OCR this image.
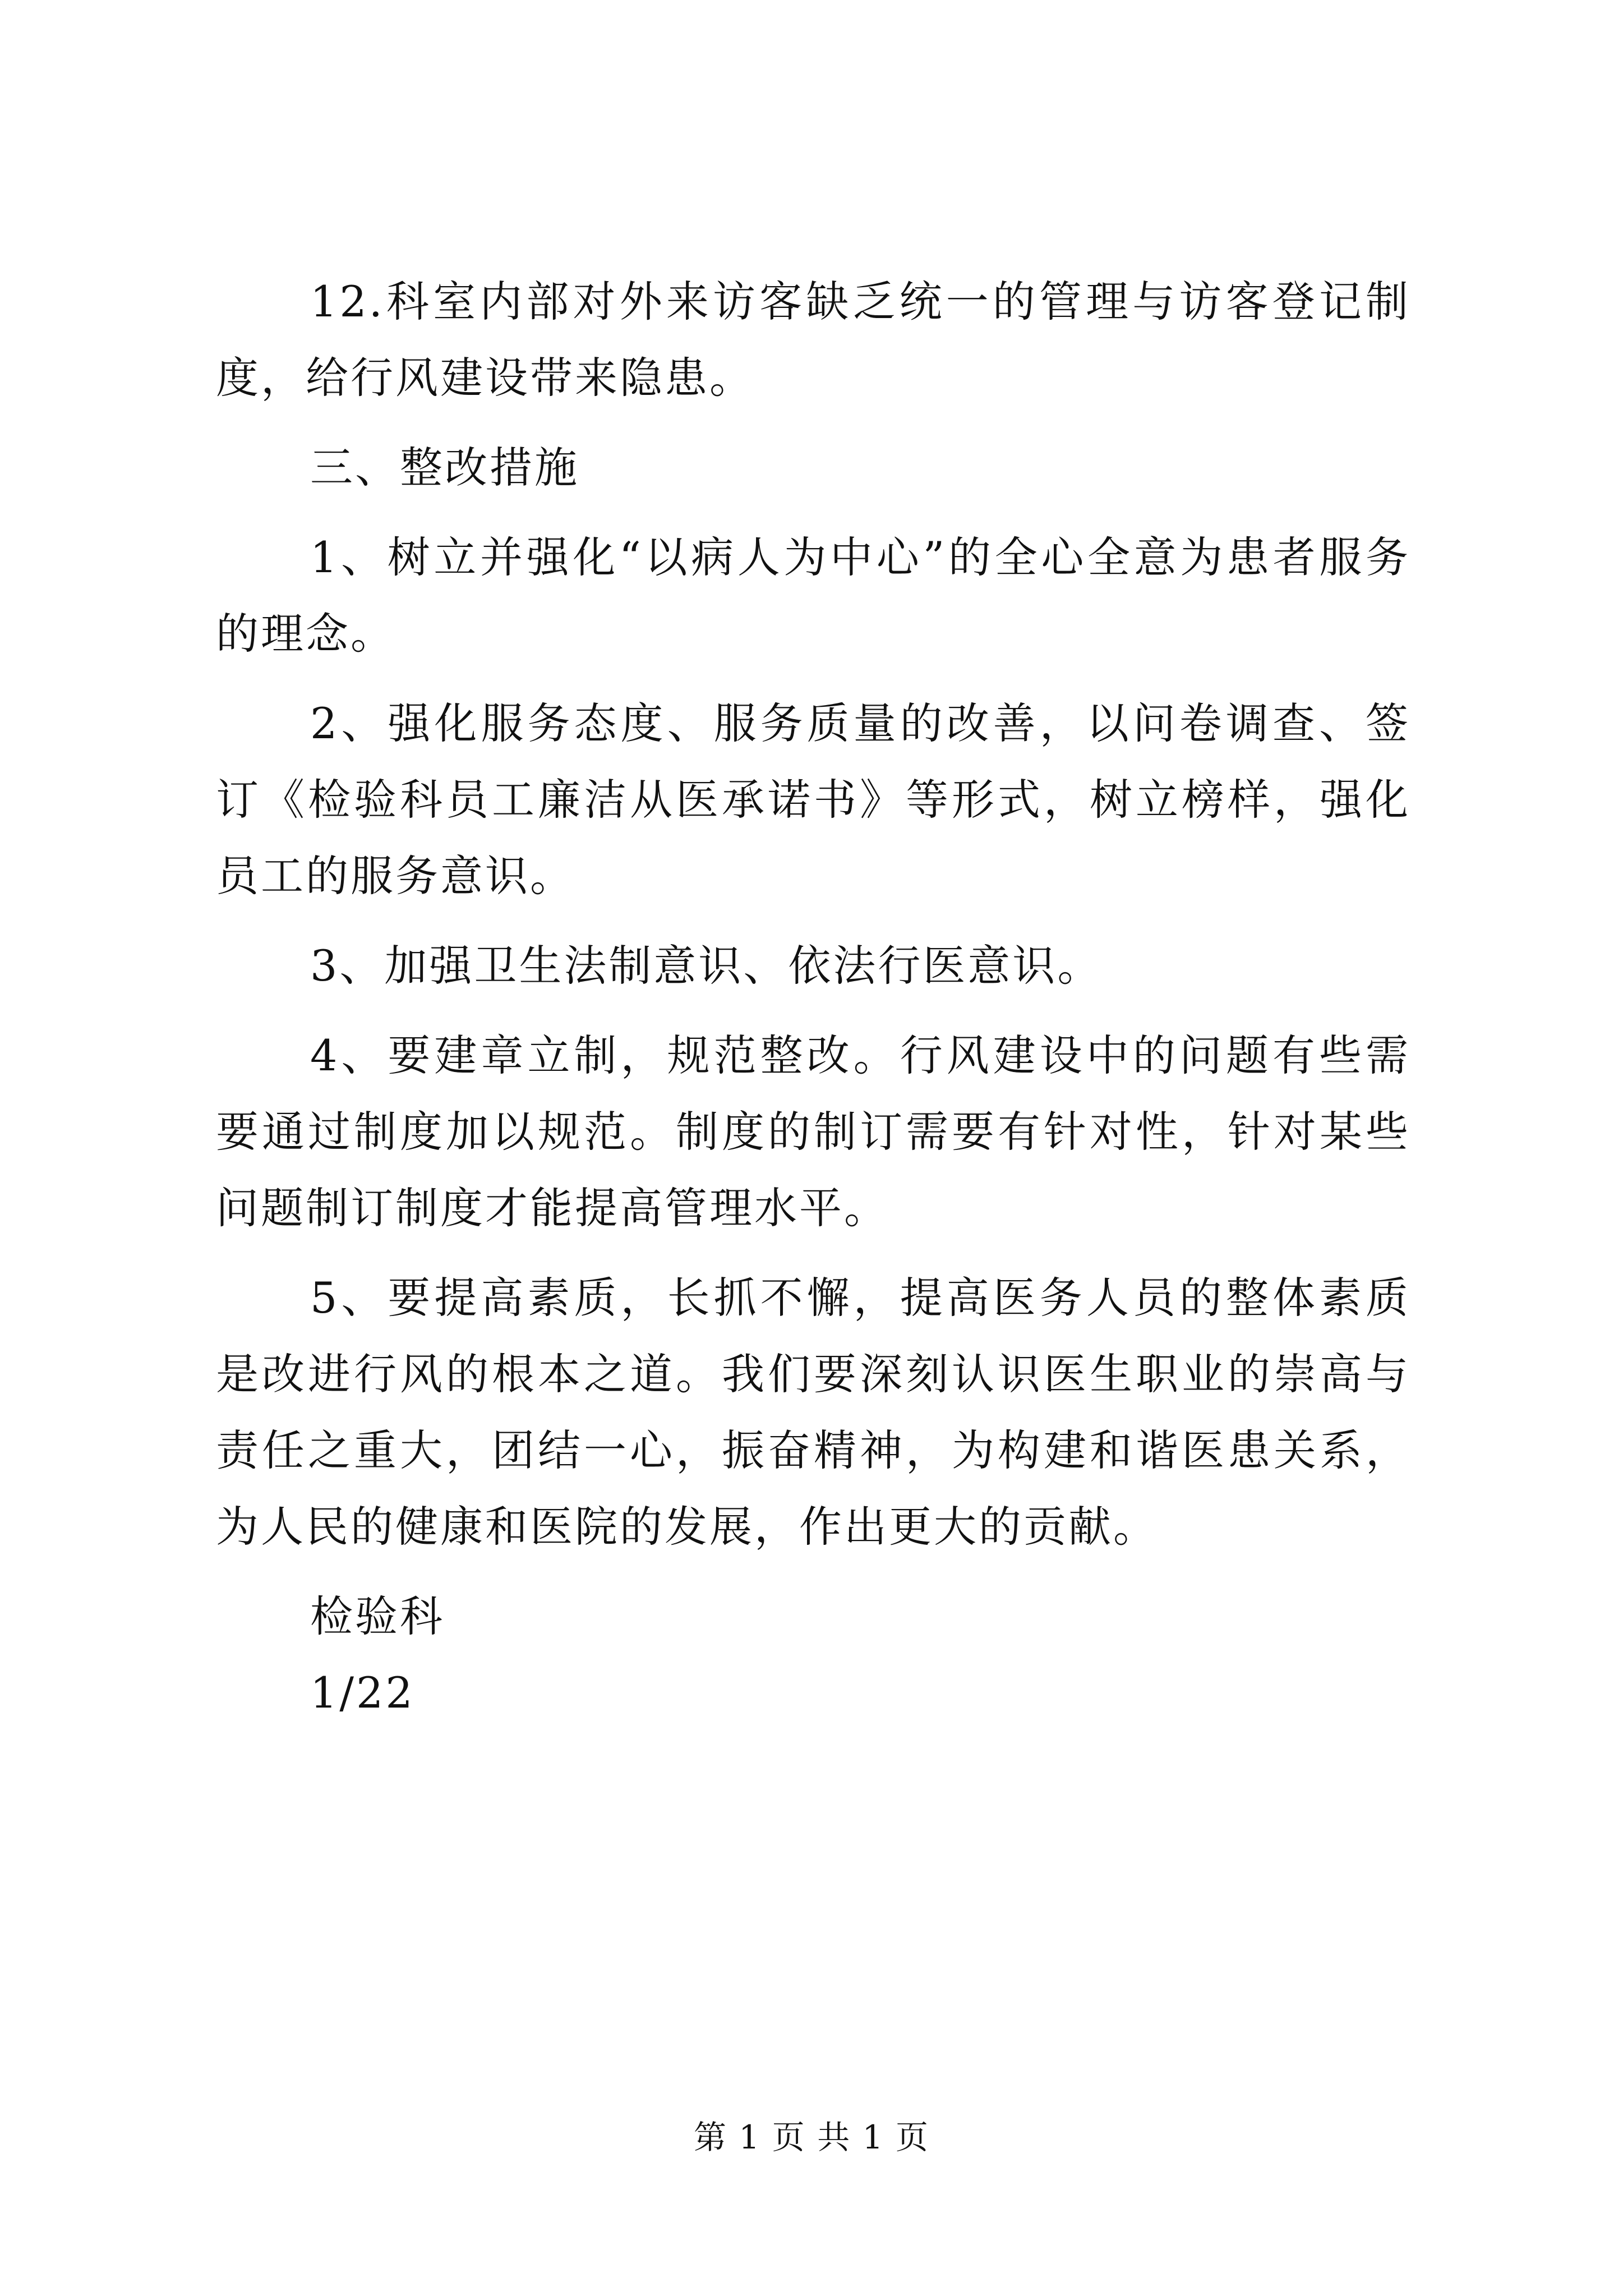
12.科室内部对外来访客缺乏统一的管理与访客登记制度，给行风建设带来隐患。

三、整改措施

1、树立并强化“以病人为中心”的全心全意为患者服务的理念。

2、强化服务态度、服务质量的改善，以问卷调查、签订《检验科员工廉洁从医承诺书》等形式，树立榜样，强化员工的服务意识。

3、加强卫生法制意识、依法行医意识。

4、要建章立制，规范整改。行风建设中的问题有些需要通过制度加以规范。制度的制订需要有针对性，针对某些问题制订制度才能提高管理水平。

5、要提高素质，长抓不懈，提高医务人员的整体素质是改进行风的根本之道。我们要深刻认识医生职业的崇高与责任之重大，团结一心，振奋精神，为构建和谐医患关系，为人民的健康和医院的发展，作出更大的贡献。

检验科

1/22

第 1 页 共 1 页
